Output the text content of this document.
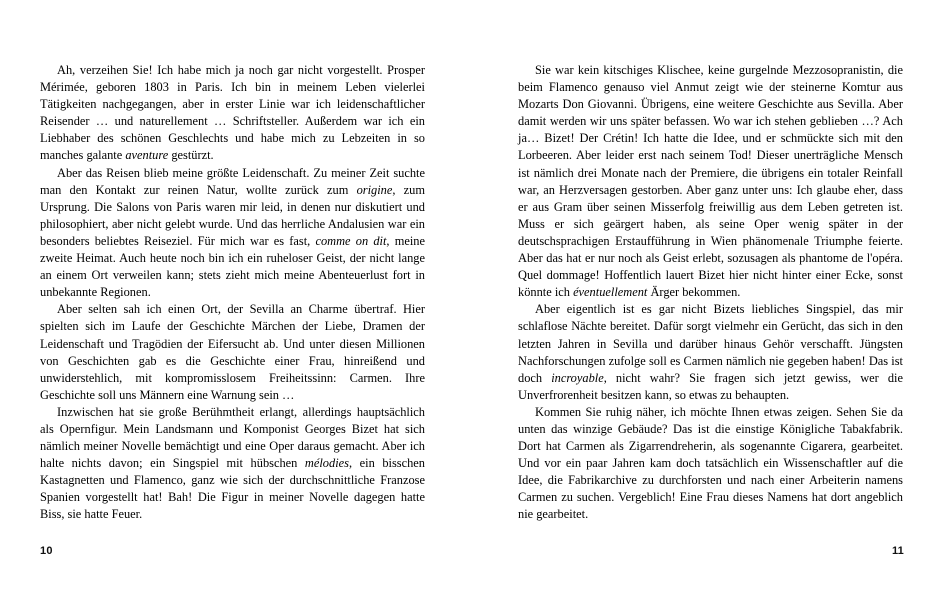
Ah, verzeihen Sie! Ich habe mich ja noch gar nicht vorgestellt. Prosper Mérimée, geboren 1803 in Paris. Ich bin in meinem Leben vielerlei Tätigkeiten nachgegangen, aber in erster Linie war ich leidenschaftlicher Reisender … und naturellement … Schriftsteller. Außerdem war ich ein Liebhaber des schönen Geschlechts und habe mich zu Lebzeiten in so manches galante aventure gestürzt.

Aber das Reisen blieb meine größte Leidenschaft. Zu meiner Zeit suchte man den Kontakt zur reinen Natur, wollte zurück zum origine, zum Ursprung. Die Salons von Paris waren mir leid, in denen nur diskutiert und philosophiert, aber nicht gelebt wurde. Und das herrliche Andalusien war ein besonders beliebtes Reiseziel. Für mich war es fast, comme on dit, meine zweite Heimat. Auch heute noch bin ich ein ruheloser Geist, der nicht lange an einem Ort verweilen kann; stets zieht mich meine Abenteuerlust fort in unbekannte Regionen.

Aber selten sah ich einen Ort, der Sevilla an Charme übertraf. Hier spielten sich im Laufe der Geschichte Märchen der Liebe, Dramen der Leidenschaft und Tragödien der Eifersucht ab. Und unter diesen Millionen von Geschichten gab es die Geschichte einer Frau, hinreißend und unwiderstehlich, mit kompromisslosem Freiheitssinn: Carmen. Ihre Geschichte soll uns Männern eine Warnung sein …

Inzwischen hat sie große Berühmtheit erlangt, allerdings hauptsächlich als Opernfigur. Mein Landsmann und Komponist Georges Bizet hat sich nämlich meiner Novelle bemächtigt und eine Oper daraus gemacht. Aber ich halte nichts davon; ein Singspiel mit hübschen mélodies, ein bisschen Kastagnetten und Flamenco, ganz wie sich der durchschnittliche Franzose Spanien vorgestellt hat! Bah! Die Figur in meiner Novelle dagegen hatte Biss, sie hatte Feuer.

10

Sie war kein kitschiges Klischee, keine gurgelnde Mezzosopranistin, die beim Flamenco genauso viel Anmut zeigt wie der steinerne Komtur aus Mozarts Don Giovanni. Übrigens, eine weitere Geschichte aus Sevilla. Aber damit werden wir uns später befassen. Wo war ich stehen geblieben …? Ach ja… Bizet! Der Crétin! Ich hatte die Idee, und er schmückte sich mit den Lorbeeren. Aber leider erst nach seinem Tod! Dieser unerträgliche Mensch ist nämlich drei Monate nach der Premiere, die übrigens ein totaler Reinfall war, an Herzversagen gestorben. Aber ganz unter uns: Ich glaube eher, dass er aus Gram über seinen Misserfolg freiwillig aus dem Leben getreten ist. Muss er sich geärgert haben, als seine Oper wenig später in der deutschsprachigen Erstaufführung in Wien phänomenale Triumphe feierte. Aber das hat er nur noch als Geist erlebt, sozusagen als phantome de l'opéra. Quel dommage! Hoffentlich lauert Bizet hier nicht hinter einer Ecke, sonst könnte ich éventuellement Ärger bekommen.

Aber eigentlich ist es gar nicht Bizets liebliches Singspiel, das mir schlaflose Nächte bereitet. Dafür sorgt vielmehr ein Gerücht, das sich in den letzten Jahren in Sevilla und darüber hinaus Gehör verschafft. Jüngsten Nachforschungen zufolge soll es Carmen nämlich nie gegeben haben! Das ist doch incroyable, nicht wahr? Sie fragen sich jetzt gewiss, wer die Unverfrorenheit besitzen kann, so etwas zu behaupten.

Kommen Sie ruhig näher, ich möchte Ihnen etwas zeigen. Sehen Sie da unten das winzige Gebäude? Das ist die einstige Königliche Tabakfabrik. Dort hat Carmen als Zigarrendreherin, als sogenannte Cigarera, gearbeitet. Und vor ein paar Jahren kam doch tatsächlich ein Wissenschaftler auf die Idee, die Fabrikarchive zu durchforsten und nach einer Arbeiterin namens Carmen zu suchen. Vergeblich! Eine Frau dieses Namens hat dort angeblich nie gearbeitet.

11
